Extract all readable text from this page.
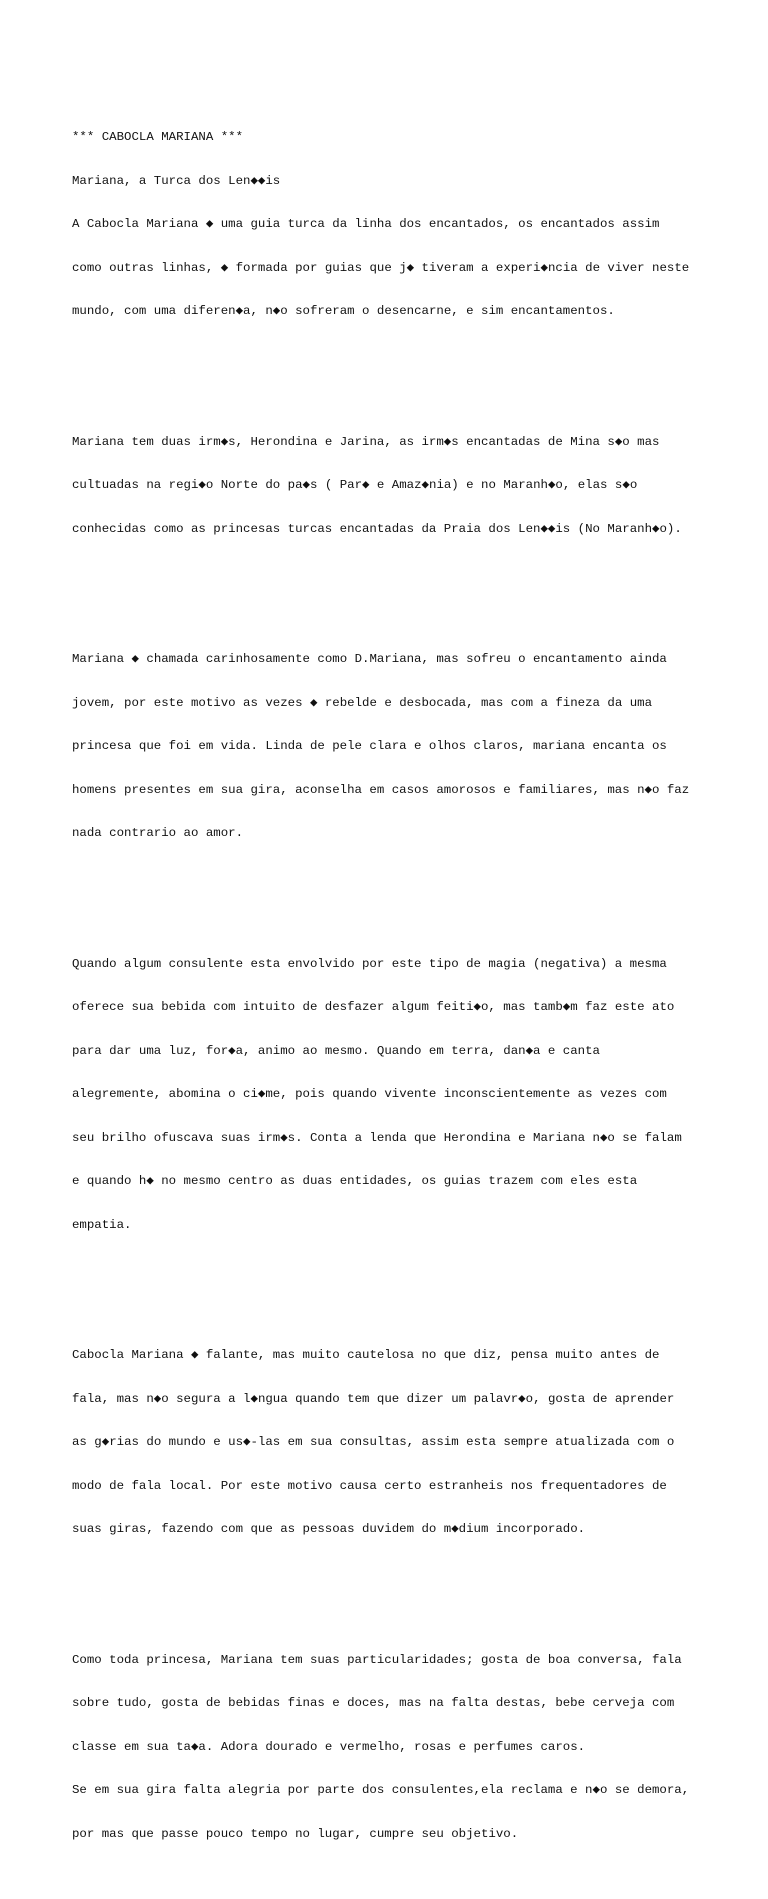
*** CABOCLA MARIANA ***

Mariana, a Turca dos Len◆◆is

A Cabocla Mariana ◆ uma guia turca da linha dos encantados, os encantados assim

como outras linhas, ◆ formada por guias que j◆ tiveram a experi◆ncia de viver neste

mundo, com uma diferen◆a, n◆o sofreram o desencarne, e sim encantamentos.

Mariana tem duas irm◆s, Herondina e Jarina, as irm◆s encantadas de Mina s◆o mas

cultuadas na regi◆o Norte do pa◆s ( Par◆ e Amaz◆nia) e no Maranh◆o, elas s◆o

conhecidas como as princesas turcas encantadas da Praia dos Len◆◆is (No Maranh◆o).

Mariana ◆ chamada carinhosamente como D.Mariana, mas sofreu o encantamento ainda

jovem, por este motivo as vezes ◆ rebelde e desbocada, mas com a fineza da uma

princesa que foi em vida. Linda de pele clara e olhos claros, mariana encanta os

homens presentes em sua gira, aconselha em casos amorosos e familiares, mas n◆o faz

nada contrario ao amor.

Quando algum consulente esta envolvido por este tipo de magia (negativa) a mesma

oferece sua bebida com intuito de desfazer algum feiti◆o, mas tamb◆m faz este ato

para dar uma luz, for◆a, animo ao mesmo. Quando em terra, dan◆a e canta

alegremente, abomina o ci◆me, pois quando vivente inconscientemente as vezes com

seu brilho ofuscava suas irm◆s. Conta a lenda que Herondina e Mariana n◆o se falam

e quando h◆ no mesmo centro as duas entidades, os guias trazem com eles esta

empatia.

Cabocla Mariana ◆ falante, mas muito cautelosa no que diz, pensa muito antes de

fala, mas n◆o segura a l◆ngua quando tem que dizer um palavr◆o, gosta de aprender

as g◆rias do mundo e us◆-las em sua consultas, assim esta sempre atualizada com o

modo de fala local. Por este motivo causa certo estranheis nos frequentadores de

suas giras, fazendo com que as pessoas duvidem do m◆dium incorporado.

Como toda princesa, Mariana tem suas particularidades; gosta de boa conversa, fala

sobre tudo, gosta de bebidas finas e doces, mas na falta destas, bebe cerveja com

classe em sua ta◆a. Adora dourado e vermelho, rosas e perfumes caros.

Se em sua gira falta alegria por parte dos consulentes,ela reclama e n◆o se demora,

por mas que passe pouco tempo no lugar, cumpre seu objetivo.
